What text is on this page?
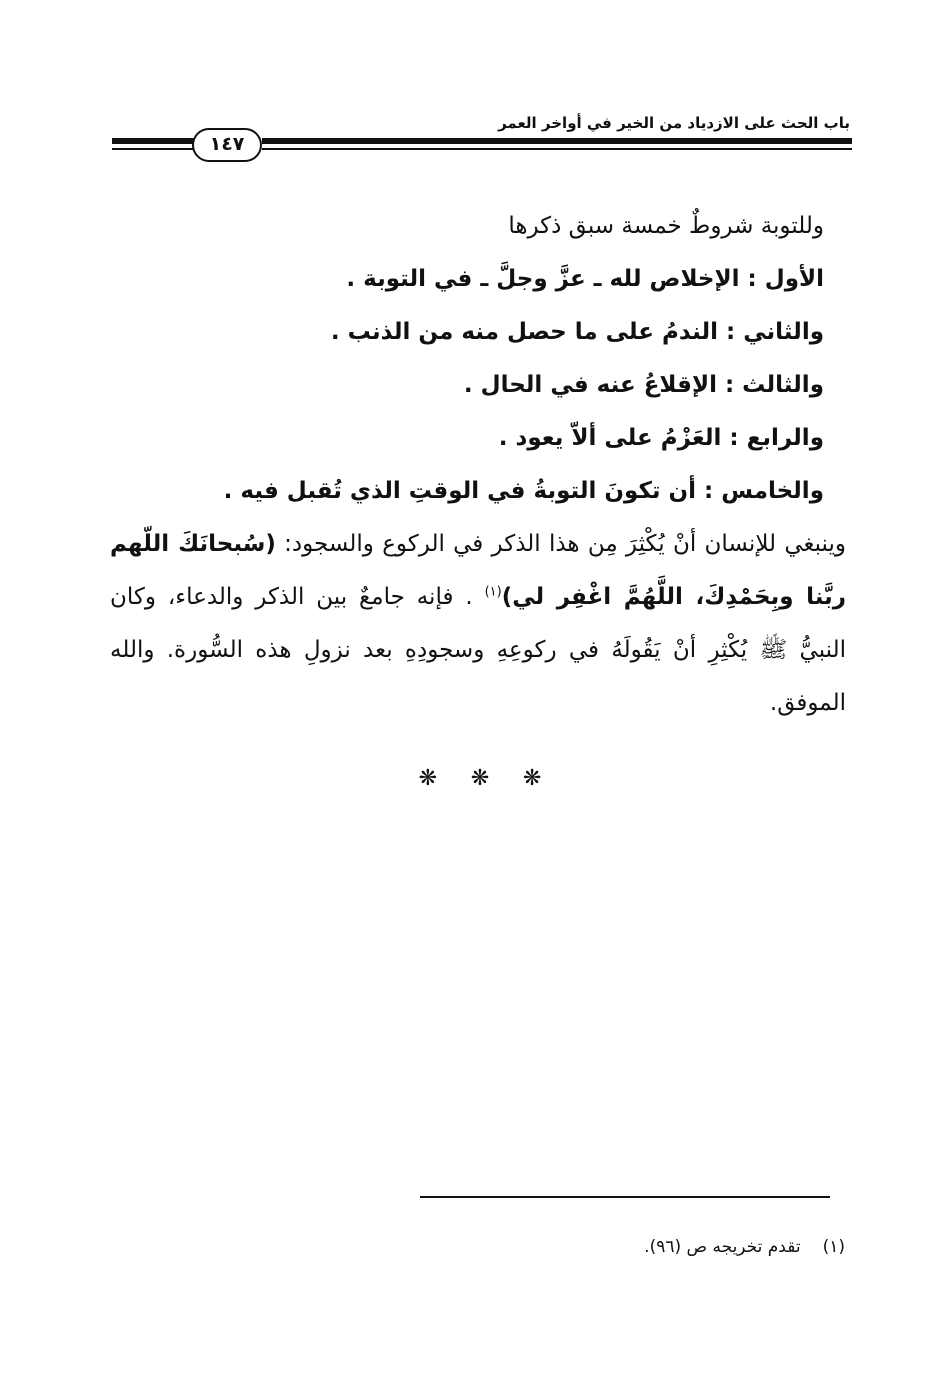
باب الحث على الازدياد من الخير في أواخر العمر
١٤٧
وللتوبة شروطٌ خمسة سبق ذكرها
الأول : الإخلاص لله ـ عزَّ وجلَّ ـ في التوبة .
والثاني : الندمُ على ما حصل منه من الذنب .
والثالث : الإقلاعُ عنه في الحال .
والرابع : العَزْمُ على ألاّ يعود .
والخامس : أن تكونَ التوبةُ في الوقتِ الذي تُقبل فيه .
وينبغي للإنسان أنْ يُكْثِرَ مِن هذا الذكر في الركوع والسجود: (سُبحانَكَ اللّهم ربَّنا وبِحَمْدِكَ، اللَّهُمَّ اغْفِر لي)$^{(١)}$ . فإنه جامعٌ بين الذكر والدعاء، وكان النبيُّ ﷺ يُكْثِرِ أنْ يَقُولَهُ في ركوعِهِ وسجودِهِ بعد نزولِ هذه السُّورة. والله الموفق.
❋ ❋ ❋
(١)تقدم تخريجه ص (٩٦).
